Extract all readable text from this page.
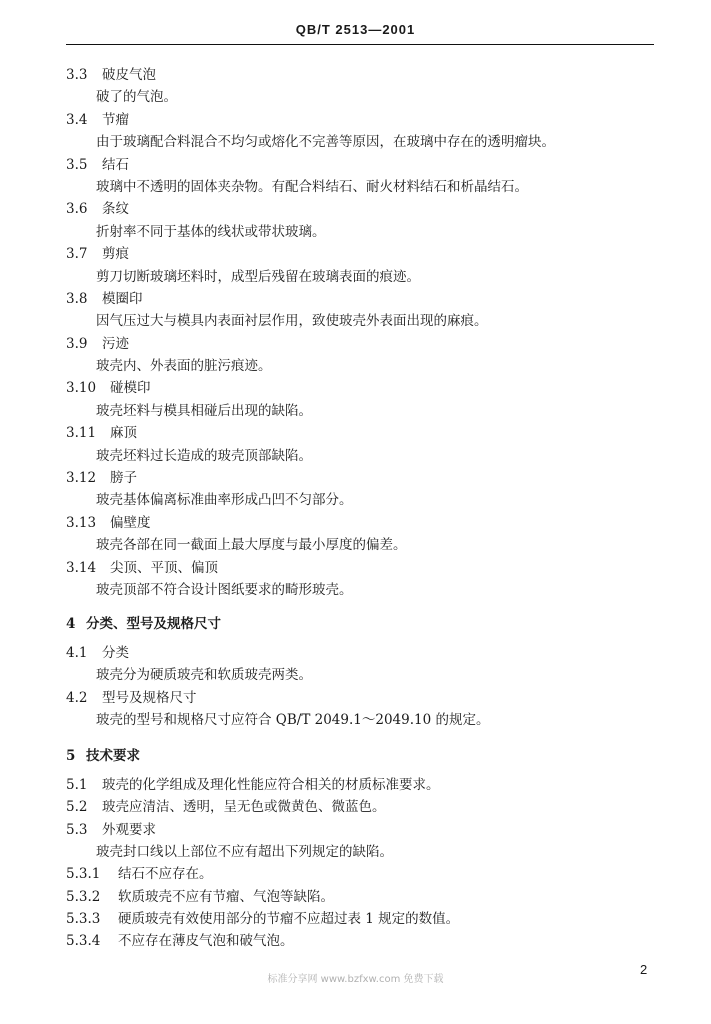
QB/T 2513—2001
3.3 破皮气泡
破了的气泡。
3.4 节瘤
由于玻璃配合料混合不均匀或熔化不完善等原因，在玻璃中存在的透明瘤块。
3.5 结石
玻璃中不透明的固体夹杂物。有配合料结石、耐火材料结石和析晶结石。
3.6 条纹
折射率不同于基体的线状或带状玻璃。
3.7 剪痕
剪刀切断玻璃坯料时，成型后残留在玻璃表面的痕迹。
3.8 模圈印
因气压过大与模具内表面衬层作用，致使玻壳外表面出现的麻痕。
3.9 污迹
玻壳内、外表面的脏污痕迹。
3.10 碰模印
玻壳坯料与模具相碰后出现的缺陷。
3.11 麻顶
玻壳坯料过长造成的玻壳顶部缺陷。
3.12 膀子
玻壳基体偏离标准曲率形成凸凹不匀部分。
3.13 偏壁度
玻壳各部在同一截面上最大厚度与最小厚度的偏差。
3.14 尖顶、平顶、偏顶
玻壳顶部不符合设计图纸要求的畸形玻壳。
4 分类、型号及规格尺寸
4.1 分类
玻壳分为硬质玻壳和软质玻壳两类。
4.2 型号及规格尺寸
玻壳的型号和规格尺寸应符合 QB/T 2049.1～2049.10 的规定。
5 技术要求
5.1 玻壳的化学组成及理化性能应符合相关的材质标准要求。
5.2 玻壳应清洁、透明，呈无色或微黄色、微蓝色。
5.3 外观要求
玻壳封口线以上部位不应有超出下列规定的缺陷。
5.3.1 结石不应存在。
5.3.2 软质玻壳不应有节瘤、气泡等缺陷。
5.3.3 硬质玻壳有效使用部分的节瘤不应超过表 1 规定的数值。
5.3.4 不应存在薄皮气泡和破气泡。
2
标准分享网 www.bzfxw.com 免费下载
